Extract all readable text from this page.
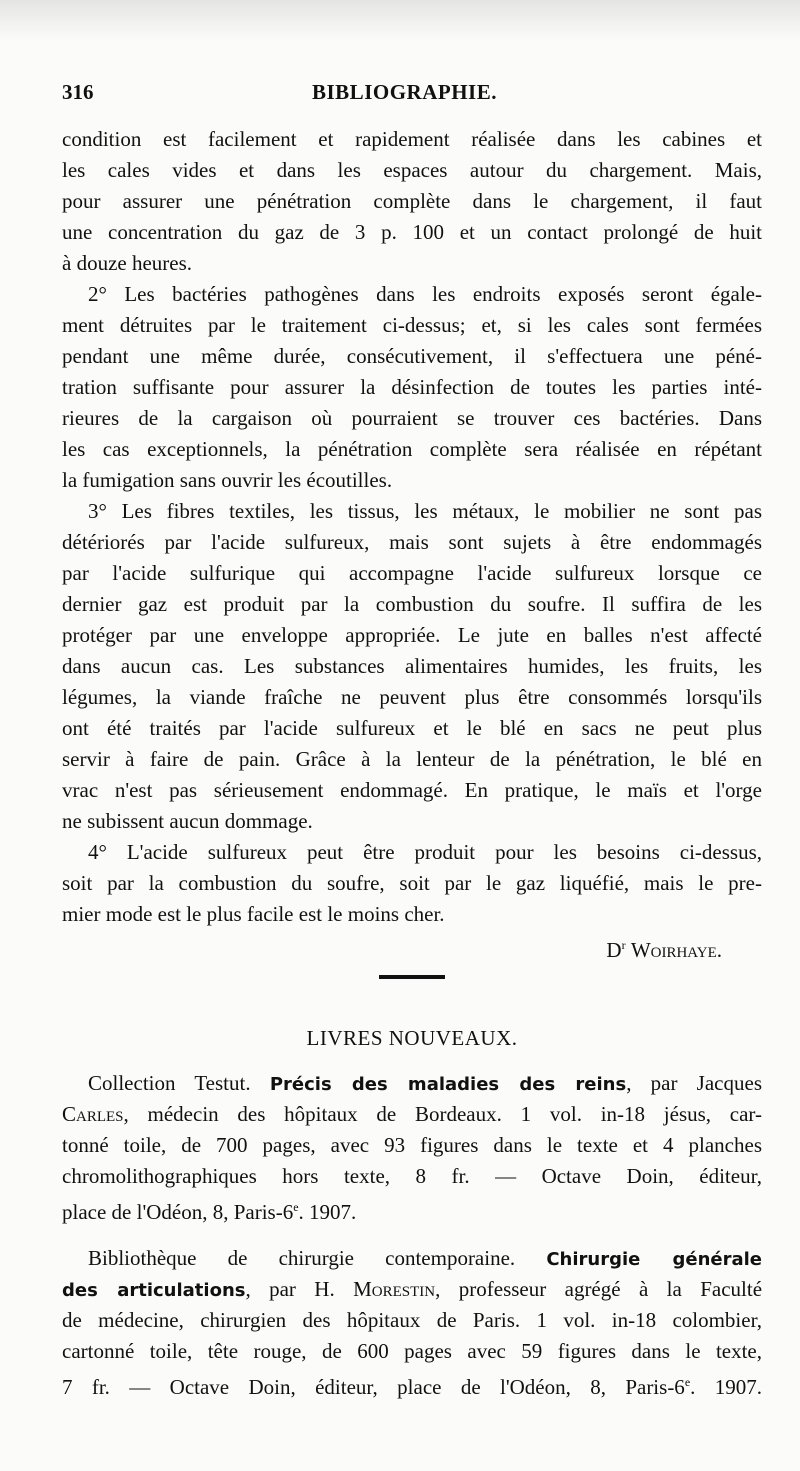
316	BIBLIOGRAPHIE.
condition est facilement et rapidement réalisée dans les cabines et
les cales vides et dans les espaces autour du chargement. Mais,
pour assurer une pénétration complète dans le chargement, il faut
une concentration du gaz de 3 p. 100 et un contact prolongé de huit
à douze heures.
2° Les bactéries pathogènes dans les endroits exposés seront égale-
ment détruites par le traitement ci-dessus; et, si les cales sont fermées
pendant une même durée, consécutivement, il s'effectuera une péné-
tration suffisante pour assurer la désinfection de toutes les parties inté-
rieures de la cargaison où pourraient se trouver ces bactéries. Dans
les cas exceptionnels, la pénétration complète sera réalisée en répétant
la fumigation sans ouvrir les écoutilles.
3° Les fibres textiles, les tissus, les métaux, le mobilier ne sont pas
détériorés par l'acide sulfureux, mais sont sujets à être endommagés
par l'acide sulfurique qui accompagne l'acide sulfureux lorsque ce
dernier gaz est produit par la combustion du soufre. Il suffira de les
protéger par une enveloppe appropriée. Le jute en balles n'est affecté
dans aucun cas. Les substances alimentaires humides, les fruits, les
légumes, la viande fraîche ne peuvent plus être consommés lorsqu'ils
ont été traités par l'acide sulfureux et le blé en sacs ne peut plus
servir à faire de pain. Grâce à la lenteur de la pénétration, le blé en
vrac n'est pas sérieusement endommagé. En pratique, le maïs et l'orge
ne subissent aucun dommage.
4° L'acide sulfureux peut être produit pour les besoins ci-dessus,
soit par la combustion du soufre, soit par le gaz liquéfié, mais le pre-
mier mode est le plus facile est le moins cher.
$D^r$ Woirhaye.
LIVRES NOUVEAUX.
Collection Testut. Précis des maladies des reins, par Jacques
Carles, médecin des hôpitaux de Bordeaux. 1 vol. in-18 jésus, car-
tonné toile, de 700 pages, avec 93 figures dans le texte et 4 planches
chromolithographiques hors texte, 8 fr. — Octave Doin, éditeur,
place de l'Odéon, 8, Paris-6e. 1907.
Bibliothèque de chirurgie contemporaine. Chirurgie générale
des articulations, par H. Morestin, professeur agrégé à la Faculté
de médecine, chirurgien des hôpitaux de Paris. 1 vol. in-18 colombier,
cartonné toile, tête rouge, de 600 pages avec 59 figures dans le texte,
7 fr. — Octave Doin, éditeur, place de l'Odéon, 8, Paris-6e. 1907.
